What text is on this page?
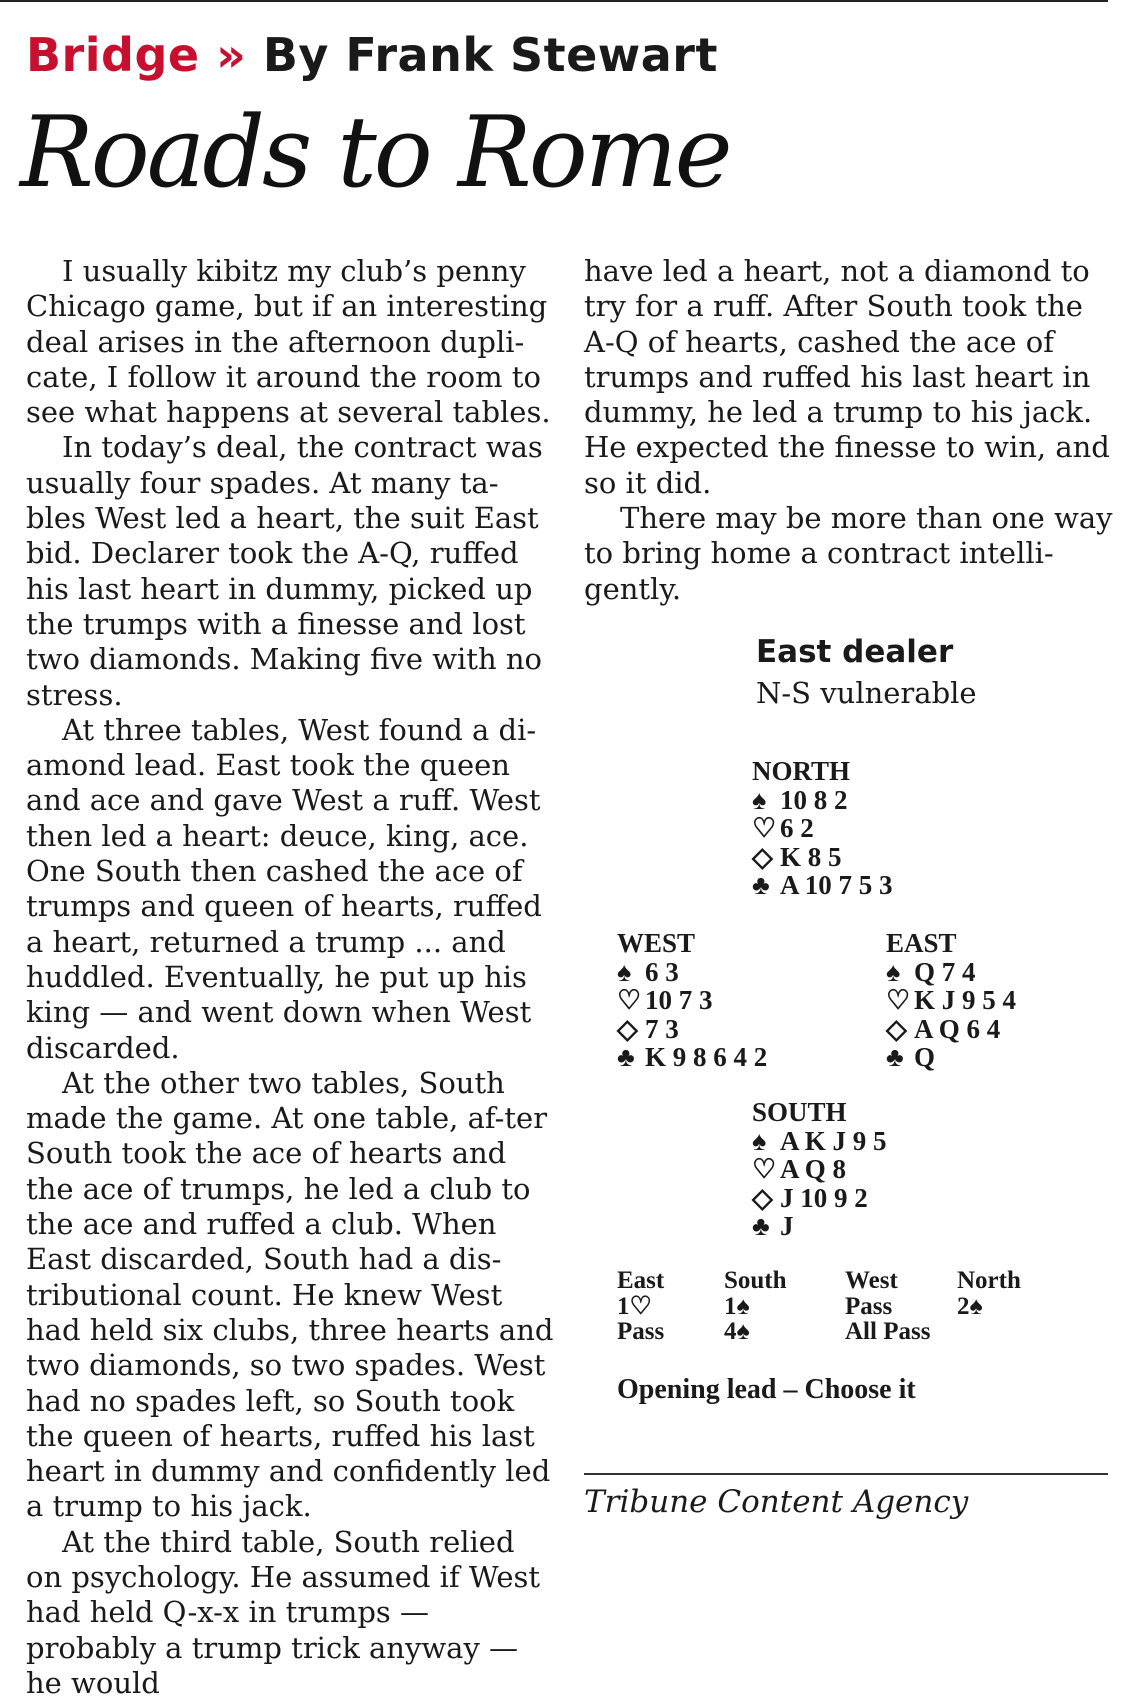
Bridge » By Frank Stewart
Roads to Rome

I usually kibitz my club’s penny Chicago game, but if an interesting deal arises in the afternoon dupli-cate, I follow it around the room to see what happens at several tables.

In today’s deal, the contract was usually four spades. At many ta-bles West led a heart, the suit East bid. Declarer took the A-Q, ruffed his last heart in dummy, picked up the trumps with a finesse and lost two diamonds. Making five with no stress.

At three tables, West found a di-amond lead. East took the queen and ace and gave West a ruff. West then led a heart: deuce, king, ace. One South then cashed the ace of trumps and queen of hearts, ruffed a heart, returned a trump ... and huddled. Eventually, he put up his king — and went down when West discarded.

At the other two tables, South made the game. At one table, af-ter South took the ace of hearts and the ace of trumps, he led a club to the ace and ruffed a club. When East discarded, South had a dis-tributional count. He knew West had held six clubs, three hearts and two diamonds, so two spades. West had no spades left, so South took the queen of hearts, ruffed his last heart in dummy and confidently led a trump to his jack.

At the third table, South relied on psychology. He assumed if West had held Q-x-x in trumps — probably a trump trick anyway — he would

have led a heart, not a diamond to try for a ruff. After South took the A-Q of hearts, cashed the ace of trumps and ruffed his last heart in dummy, he led a trump to his jack. He expected the finesse to win, and so it did.

There may be more than one way to bring home a contract intelli-gently.

East dealer
N-S vulnerable
NORTH
♠ 10 8 2
♡ 6 2
◇ K 8 5
♣ A 10 7 5 3
WEST
♠ 6 3
♡ 10 7 3
◇ 7 3
♣ K 9 8 6 4 2
EAST
♠ Q 7 4
♡ K J 9 5 4
◇ A Q 6 4
♣ Q
SOUTH
♠ A K J 9 5
♡ A Q 8
◇ J 10 9 2
♣ J
East
1♡
Pass
South
1♠
4♠
West
Pass
All Pass
North
2♠
Opening lead – Choose it
Tribune Content Agency
